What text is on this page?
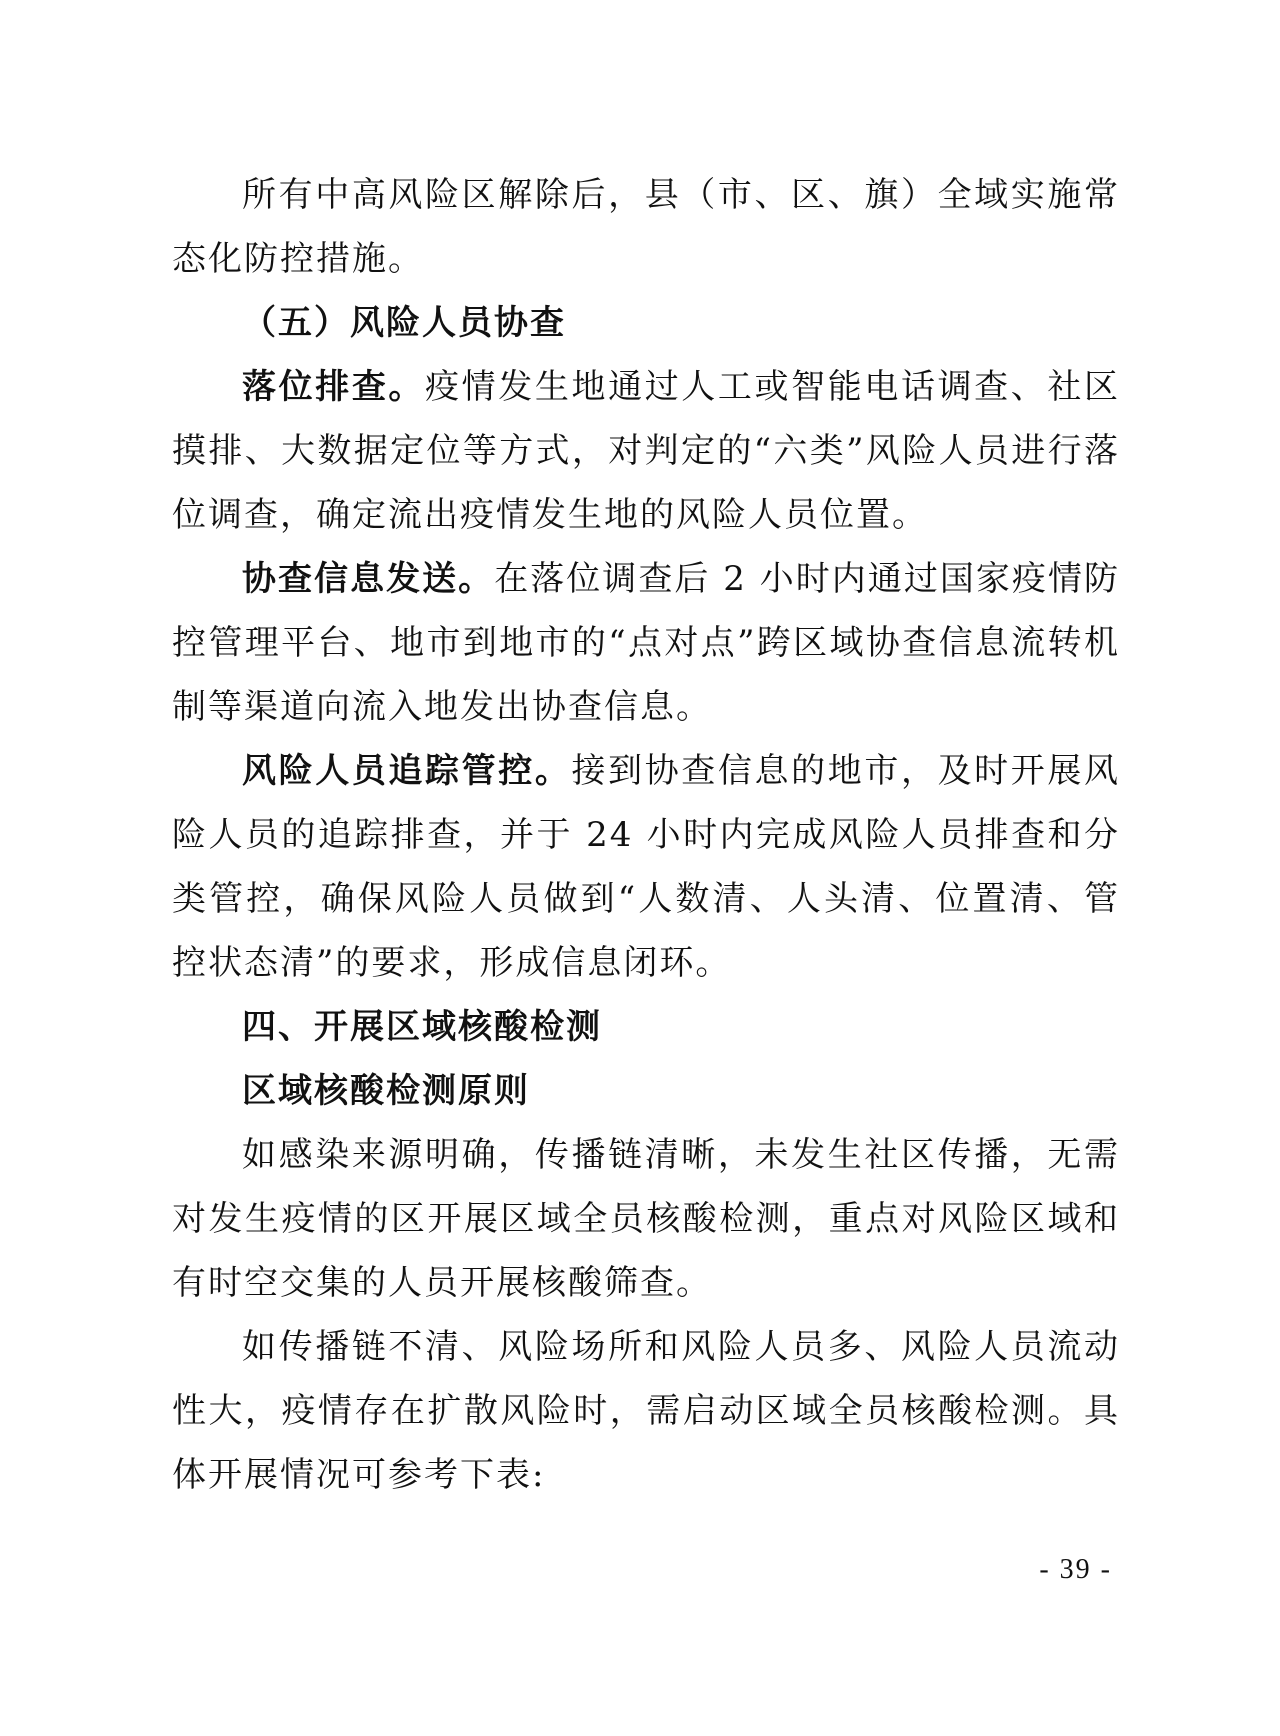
所有中高风险区解除后，县（市、区、旗）全域实施常态化防控措施。

（五）风险人员协查

落位排查。疫情发生地通过人工或智能电话调查、社区摸排、大数据定位等方式，对判定的“六类”风险人员进行落位调查，确定流出疫情发生地的风险人员位置。

协查信息发送。在落位调查后 2 小时内通过国家疫情防控管理平台、地市到地市的“点对点”跨区域协查信息流转机制等渠道向流入地发出协查信息。

风险人员追踪管控。接到协查信息的地市，及时开展风险人员的追踪排查，并于 24 小时内完成风险人员排查和分类管控，确保风险人员做到“人数清、人头清、位置清、管控状态清”的要求，形成信息闭环。

四、开展区域核酸检测

区域核酸检测原则

如感染来源明确，传播链清晰，未发生社区传播，无需对发生疫情的区开展区域全员核酸检测，重点对风险区域和有时空交集的人员开展核酸筛查。

如传播链不清、风险场所和风险人员多、风险人员流动性大，疫情存在扩散风险时，需启动区域全员核酸检测。具体开展情况可参考下表:

- 39 -
